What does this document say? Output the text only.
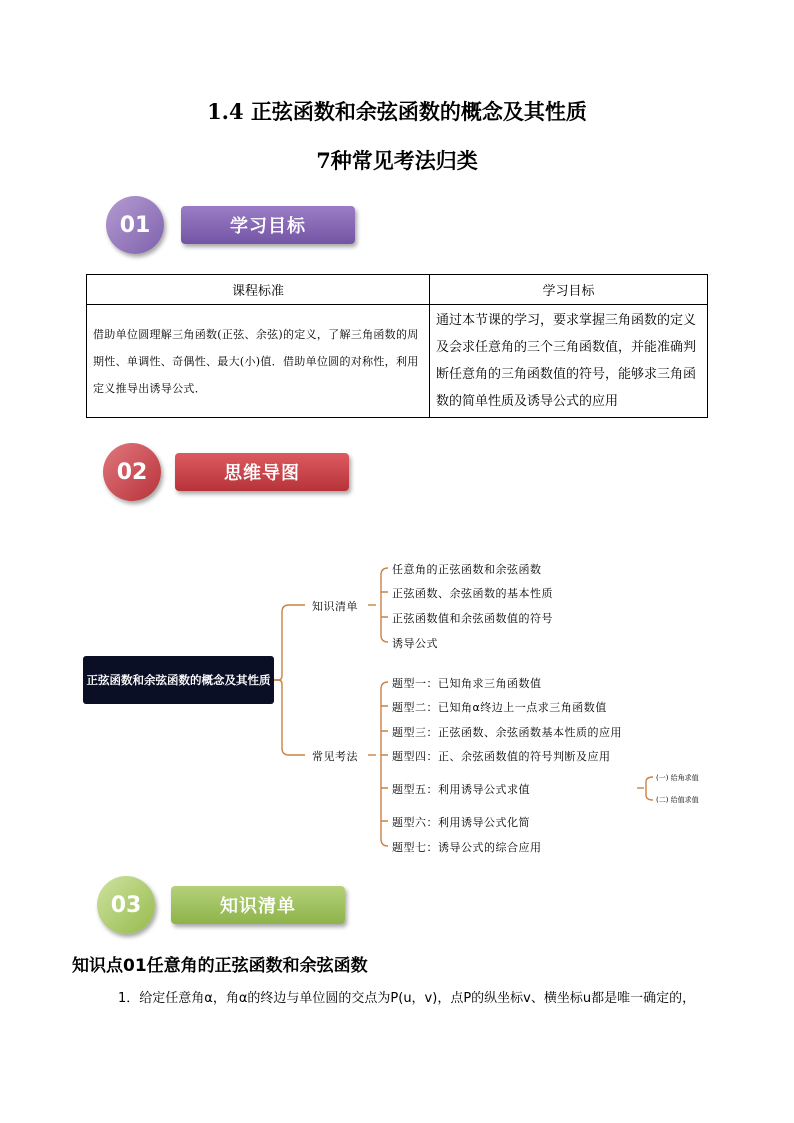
1.4 正弦函数和余弦函数的概念及其性质
7种常见考法归类
学习目标
01
课程标准	学习目标
借助单位圆理解三角函数(正弦、余弦)的定义，了解三角函数的周期性、单调性、奇偶性、最大(小)值．借助单位圆的对称性，利用定义推导出诱导公式．	通过本节课的学习，要求掌握三角函数的定义及会求任意角的三个三角函数值，并能准确判断任意角的三角函数值的符号，能够求三角函数的简单性质及诱导公式的应用
思维导图
02
正弦函数和余弦函数的概念及其性质
知识清单
任意角的正弦函数和余弦函数
正弦函数、余弦函数的基本性质
正弦函数值和余弦函数值的符号
诱导公式
常见考法
题型一：已知角求三角函数值
题型二：已知角α终边上一点求三角函数值
题型三：正弦函数、余弦函数基本性质的应用
题型四：正、余弦函数值的符号判断及应用
题型五：利用诱导公式求值
题型六：利用诱导公式化简
题型七：诱导公式的综合应用
(一) 给角求值
(二) 给值求值
知识清单
03
知识点01任意角的正弦函数和余弦函数
1．给定任意角α，角α的终边与单位圆的交点为P(u，v)，点P的纵坐标v、横坐标u都是唯一确定的，
